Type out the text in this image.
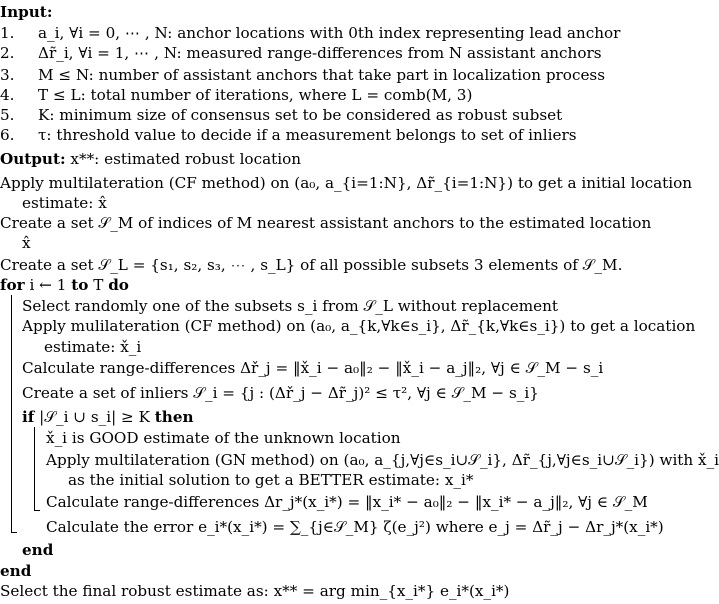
Input:
1. a_i, ∀i = 0, ⋯ , N: anchor locations with 0th index representing lead anchor
2. Δr̃_i, ∀i = 1, ⋯ , N: measured range-differences from N assistant anchors
3. M ≤ N: number of assistant anchors that take part in localization process
4. T ≤ L: total number of iterations, where L = comb(M, 3)
5. K: minimum size of consensus set to be considered as robust subset
6. τ: threshold value to decide if a measurement belongs to set of inliers
Output: x**: estimated robust location
Apply multilateration (CF method) on (a₀, a_{i=1:N}, Δr̃_{i=1:N}) to get a initial location
estimate: x̂
Create a set 𝒮_M of indices of M nearest assistant anchors to the estimated location
x̂
Create a set 𝒮_L = {s₁, s₂, s₃, ⋯ , s_L} of all possible subsets 3 elements of 𝒮_M.
for i ← 1 to T do
Select randomly one of the subsets s_i from 𝒮_L without replacement
Apply mulilateration (CF method) on (a₀, a_{k,∀k∈s_i}, Δr̃_{k,∀k∈s_i}) to get a location
estimate: x̌_i
Calculate range-differences Δř_j = ‖x̌_i − a₀‖₂ − ‖x̌_i − a_j‖₂, ∀j ∈ 𝒮_M − s_i
Create a set of inliers 𝒮_i = {j : (Δř_j − Δr̃_j)² ≤ τ², ∀j ∈ 𝒮_M − s_i}
if |𝒮_i ∪ s_i| ≥ K then
x̌_i is GOOD estimate of the unknown location
Apply multilateration (GN method) on (a₀, a_{j,∀j∈s_i∪𝒮_i}, Δr̃_{j,∀j∈s_i∪𝒮_i}) with x̌_i
as the initial solution to get a BETTER estimate: x_i*
Calculate range-differences Δr_j*(x_i*) = ‖x_i* − a₀‖₂ − ‖x_i* − a_j‖₂, ∀j ∈ 𝒮_M
Calculate the error e_i*(x_i*) = ∑_{j∈𝒮_M} ζ(e_j²) where e_j = Δr̃_j − Δr_j*(x_i*)
end
end
Select the final robust estimate as: x** = arg min_{x_i*} e_i*(x_i*)
